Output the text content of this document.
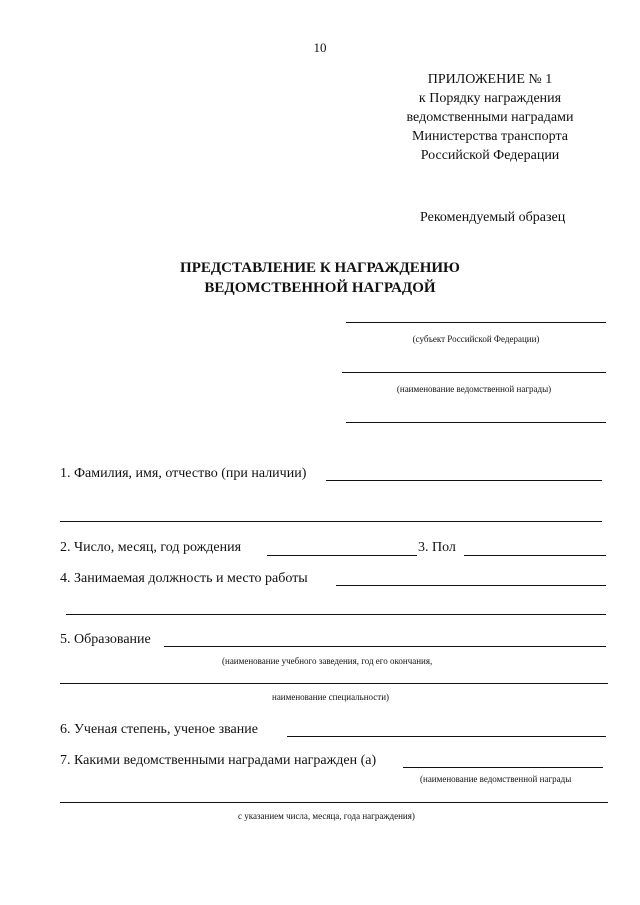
10
ПРИЛОЖЕНИЕ № 1
к Порядку награждения
ведомственными наградами
Министерства транспорта
Российской Федерации
Рекомендуемый образец
ПРЕДСТАВЛЕНИЕ К НАГРАЖДЕНИЮ
ВЕДОМСТВЕННОЙ НАГРАДОЙ
(субъект Российской Федерации)
(наименование ведомственной награды)
1. Фамилия, имя, отчество (при наличии)
2. Число, месяц, год рождения	3. Пол
4. Занимаемая должность и место работы
5. Образование
(наименование учебного заведения, год его окончания,
наименование специальности)
6. Ученая степень, ученое звание
7. Какими ведомственными наградами награжден (а)
(наименование ведомственной награды
с указанием числа, месяца, года награждения)
